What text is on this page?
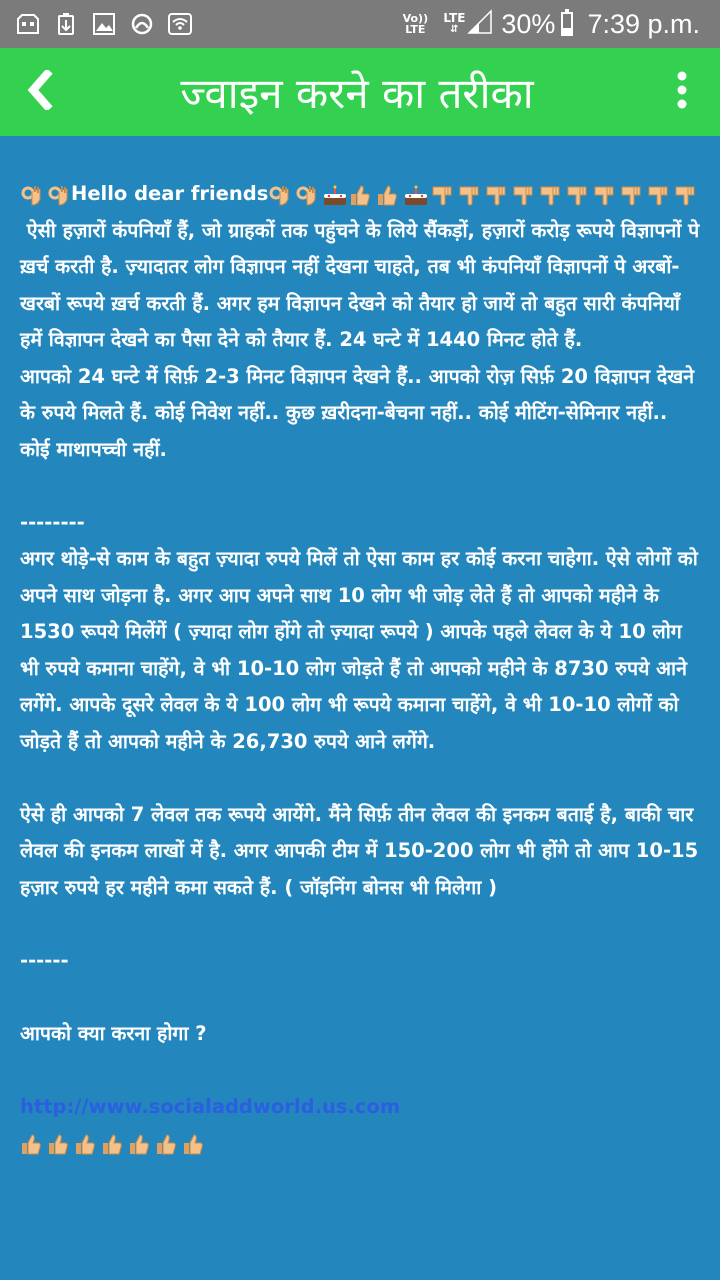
Vo)) LTE
LTE
⇵ 30% 7:39 p.m.
ज्वाइन करने का तरीका

Hello dear friends

ऐसी हज़ारों कंपनियाँ हैं, जो ग्राहकों तक पहुंचने के लिये सैंकड़ों, हज़ारों करोड़ रूपये विज्ञापनों पे ख़र्च करती है. ज़्यादातर लोग विज्ञापन नहीं देखना चाहते, तब भी कंपनियाँ विज्ञापनों पे अरबों-खरबों रूपये ख़र्च करती हैं. अगर हम विज्ञापन देखने को तैयार हो जायें तो बहुत सारी कंपनियाँ हमें विज्ञापन देखने का पैसा देने को तैयार हैं. 24 घन्टे में 1440 मिनट होते हैं.

आपको 24 घन्टे में सिर्फ़ 2-3 मिनट विज्ञापन देखने हैं.. आपको रोज़ सिर्फ़ 20 विज्ञापन देखने के रुपये मिलते हैं. कोई निवेश नहीं.. कुछ ख़रीदना-बेचना नहीं.. कोई मीटिंग-सेमिनार नहीं.. कोई माथापच्ची नहीं.

--------

अगर थोड़े-से काम के बहुत ज़्यादा रुपये मिलें तो ऐसा काम हर कोई करना चाहेगा. ऐसे लोगों को अपने साथ जोड़ना है. अगर आप अपने साथ 10 लोग भी जोड़ लेते हैं तो आपको महीने के 1530 रूपये मिलेंगें ( ज़्यादा लोग होंगे तो ज़्यादा रूपये ) आपके पहले लेवल के ये 10 लोग भी रुपये कमाना चाहेंगे, वे भी 10-10 लोग जोड़ते हैं तो आपको महीने के 8730 रुपये आने लगेंगे. आपके दूसरे लेवल के ये 100 लोग भी रूपये कमाना चाहेंगे, वे भी 10-10 लोगों को जोड़ते हैं तो आपको महीने के 26,730 रुपये आने लगेंगे.

ऐसे ही आपको 7 लेवल तक रूपये आयेंगे. मैंने सिर्फ़ तीन लेवल की इनकम बताई है, बाकी चार लेवल की इनकम लाखों में है. अगर आपकी टीम में 150-200 लोग भी होंगे तो आप 10-15 हज़ार रुपये हर महीने कमा सकते हैं. ( जॉइनिंग बोनस भी मिलेगा )

------

आपको क्या करना होगा ?

http://www.socialaddworld.us.com
